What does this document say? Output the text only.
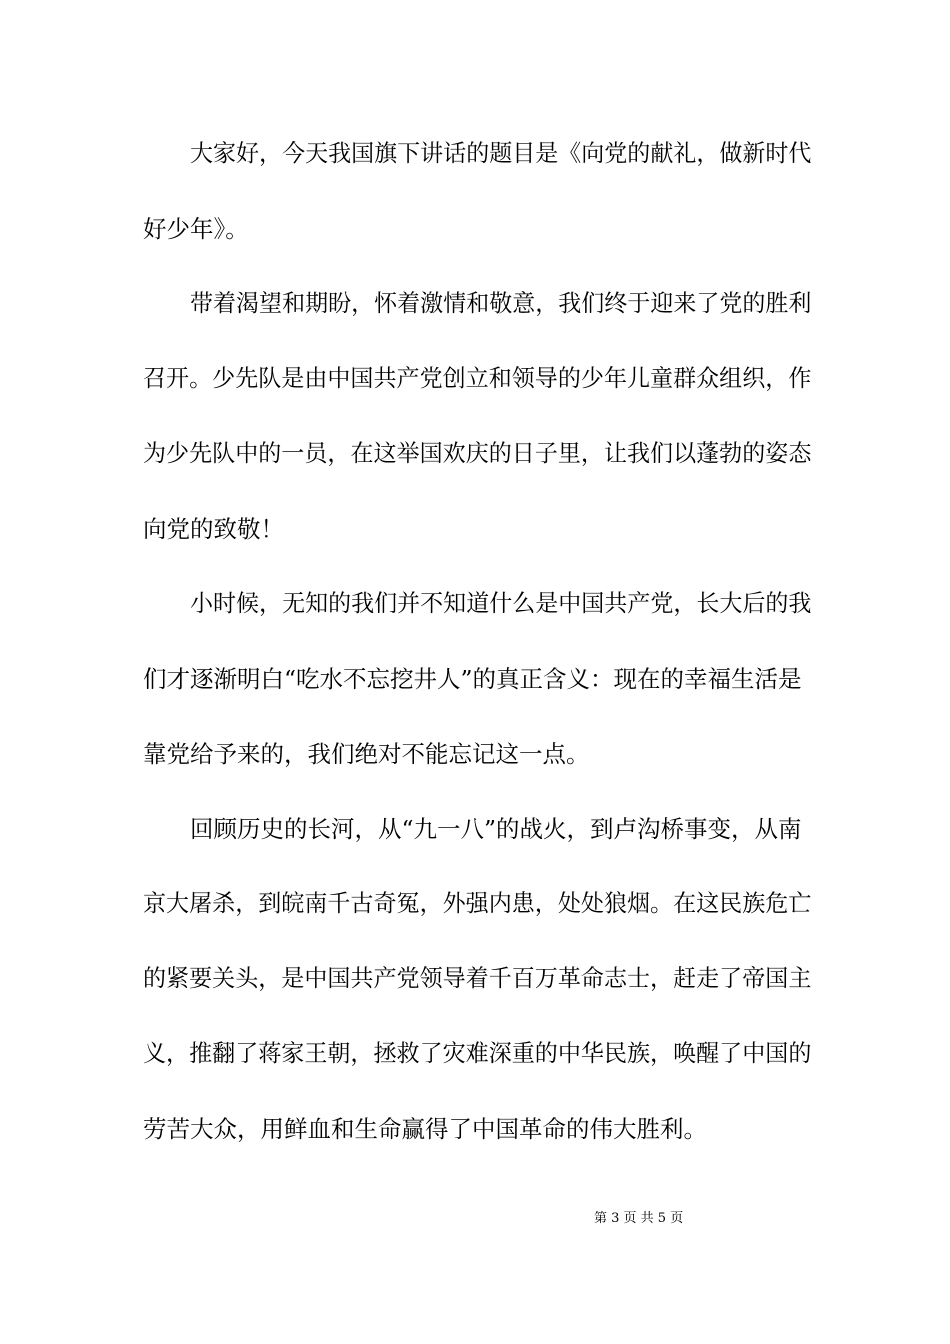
大家好，今天我国旗下讲话的题目是《向党的献礼，做新时代

好少年》。

带着渴望和期盼，怀着激情和敬意，我们终于迎来了党的胜利

召开。少先队是由中国共产党创立和领导的少年儿童群众组织，作

为少先队中的一员，在这举国欢庆的日子里，让我们以蓬勃的姿态

向党的致敬！

小时候，无知的我们并不知道什么是中国共产党，长大后的我

们才逐渐明白“吃水不忘挖井人”的真正含义：现在的幸福生活是

靠党给予来的，我们绝对不能忘记这一点。

回顾历史的长河，从“九一八”的战火，到卢沟桥事变，从南

京大屠杀，到皖南千古奇冤，外强内患，处处狼烟。在这民族危亡

的紧要关头，是中国共产党领导着千百万革命志士，赶走了帝国主

义，推翻了蒋家王朝，拯救了灾难深重的中华民族，唤醒了中国的

劳苦大众，用鲜血和生命赢得了中国革命的伟大胜利。

第 3 页 共 5 页
